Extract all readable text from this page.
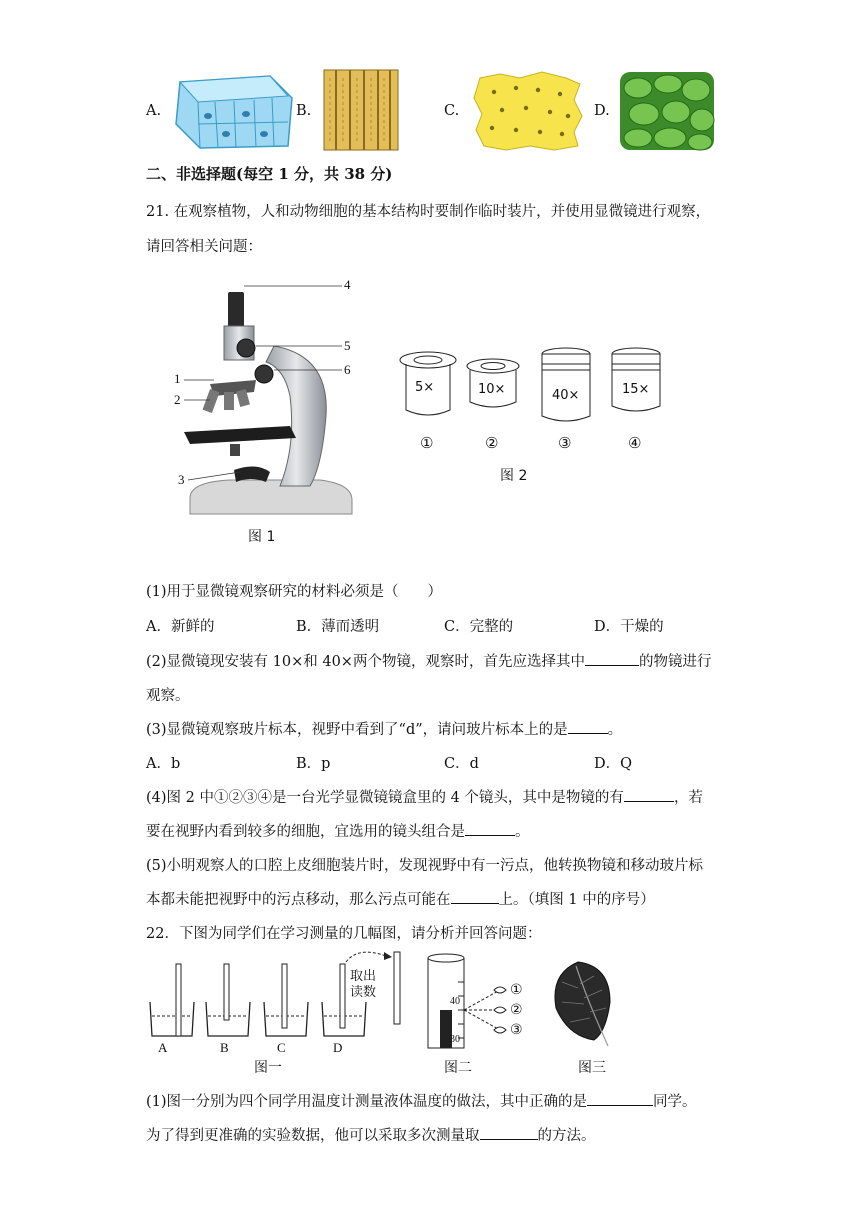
A.	B.	C.	D.
二、非选择题(每空 1 分，共 38 分)
21. 在观察植物，人和动物细胞的基本结构时要制作临时装片，并使用显微镜进行观察，
请回答相关问题：
4
5
6
1
2
3
图 1
5×	10×	40×	15×
①	②	③	④
图 2
(1)用于显微镜观察研究的材料必须是（　　）
A．新鲜的	B．薄而透明	C．完整的	D．干燥的
(2)显微镜现安装有 10×和 40×两个物镜，观察时，首先应选择其中	的物镜进行
观察。
(3)显微镜观察玻片标本，视野中看到了“d”，请问玻片标本上的是	。
A．b	B．p	C．d	D．Q
(4)图 2 中①②③④是一台光学显微镜镜盒里的 4 个镜头，其中是物镜的有	，若
要在视野内看到较多的细胞，宜选用的镜头组合是	。
(5)小明观察人的口腔上皮细胞装片时，发现视野中有一污点，他转换物镜和移动玻片标
本都未能把视野中的污点移动，那么污点可能在	上。（填图 1 中的序号）
22．下图为同学们在学习测量的几幅图，请分析并回答问题：
取出
读数
A	B	C	D
图一
40
30
①
②
③
图二	图三
(1)图一分别为四个同学用温度计测量液体温度的做法，其中正确的是	同学。
为了得到更准确的实验数据，他可以采取多次测量取	的方法。
